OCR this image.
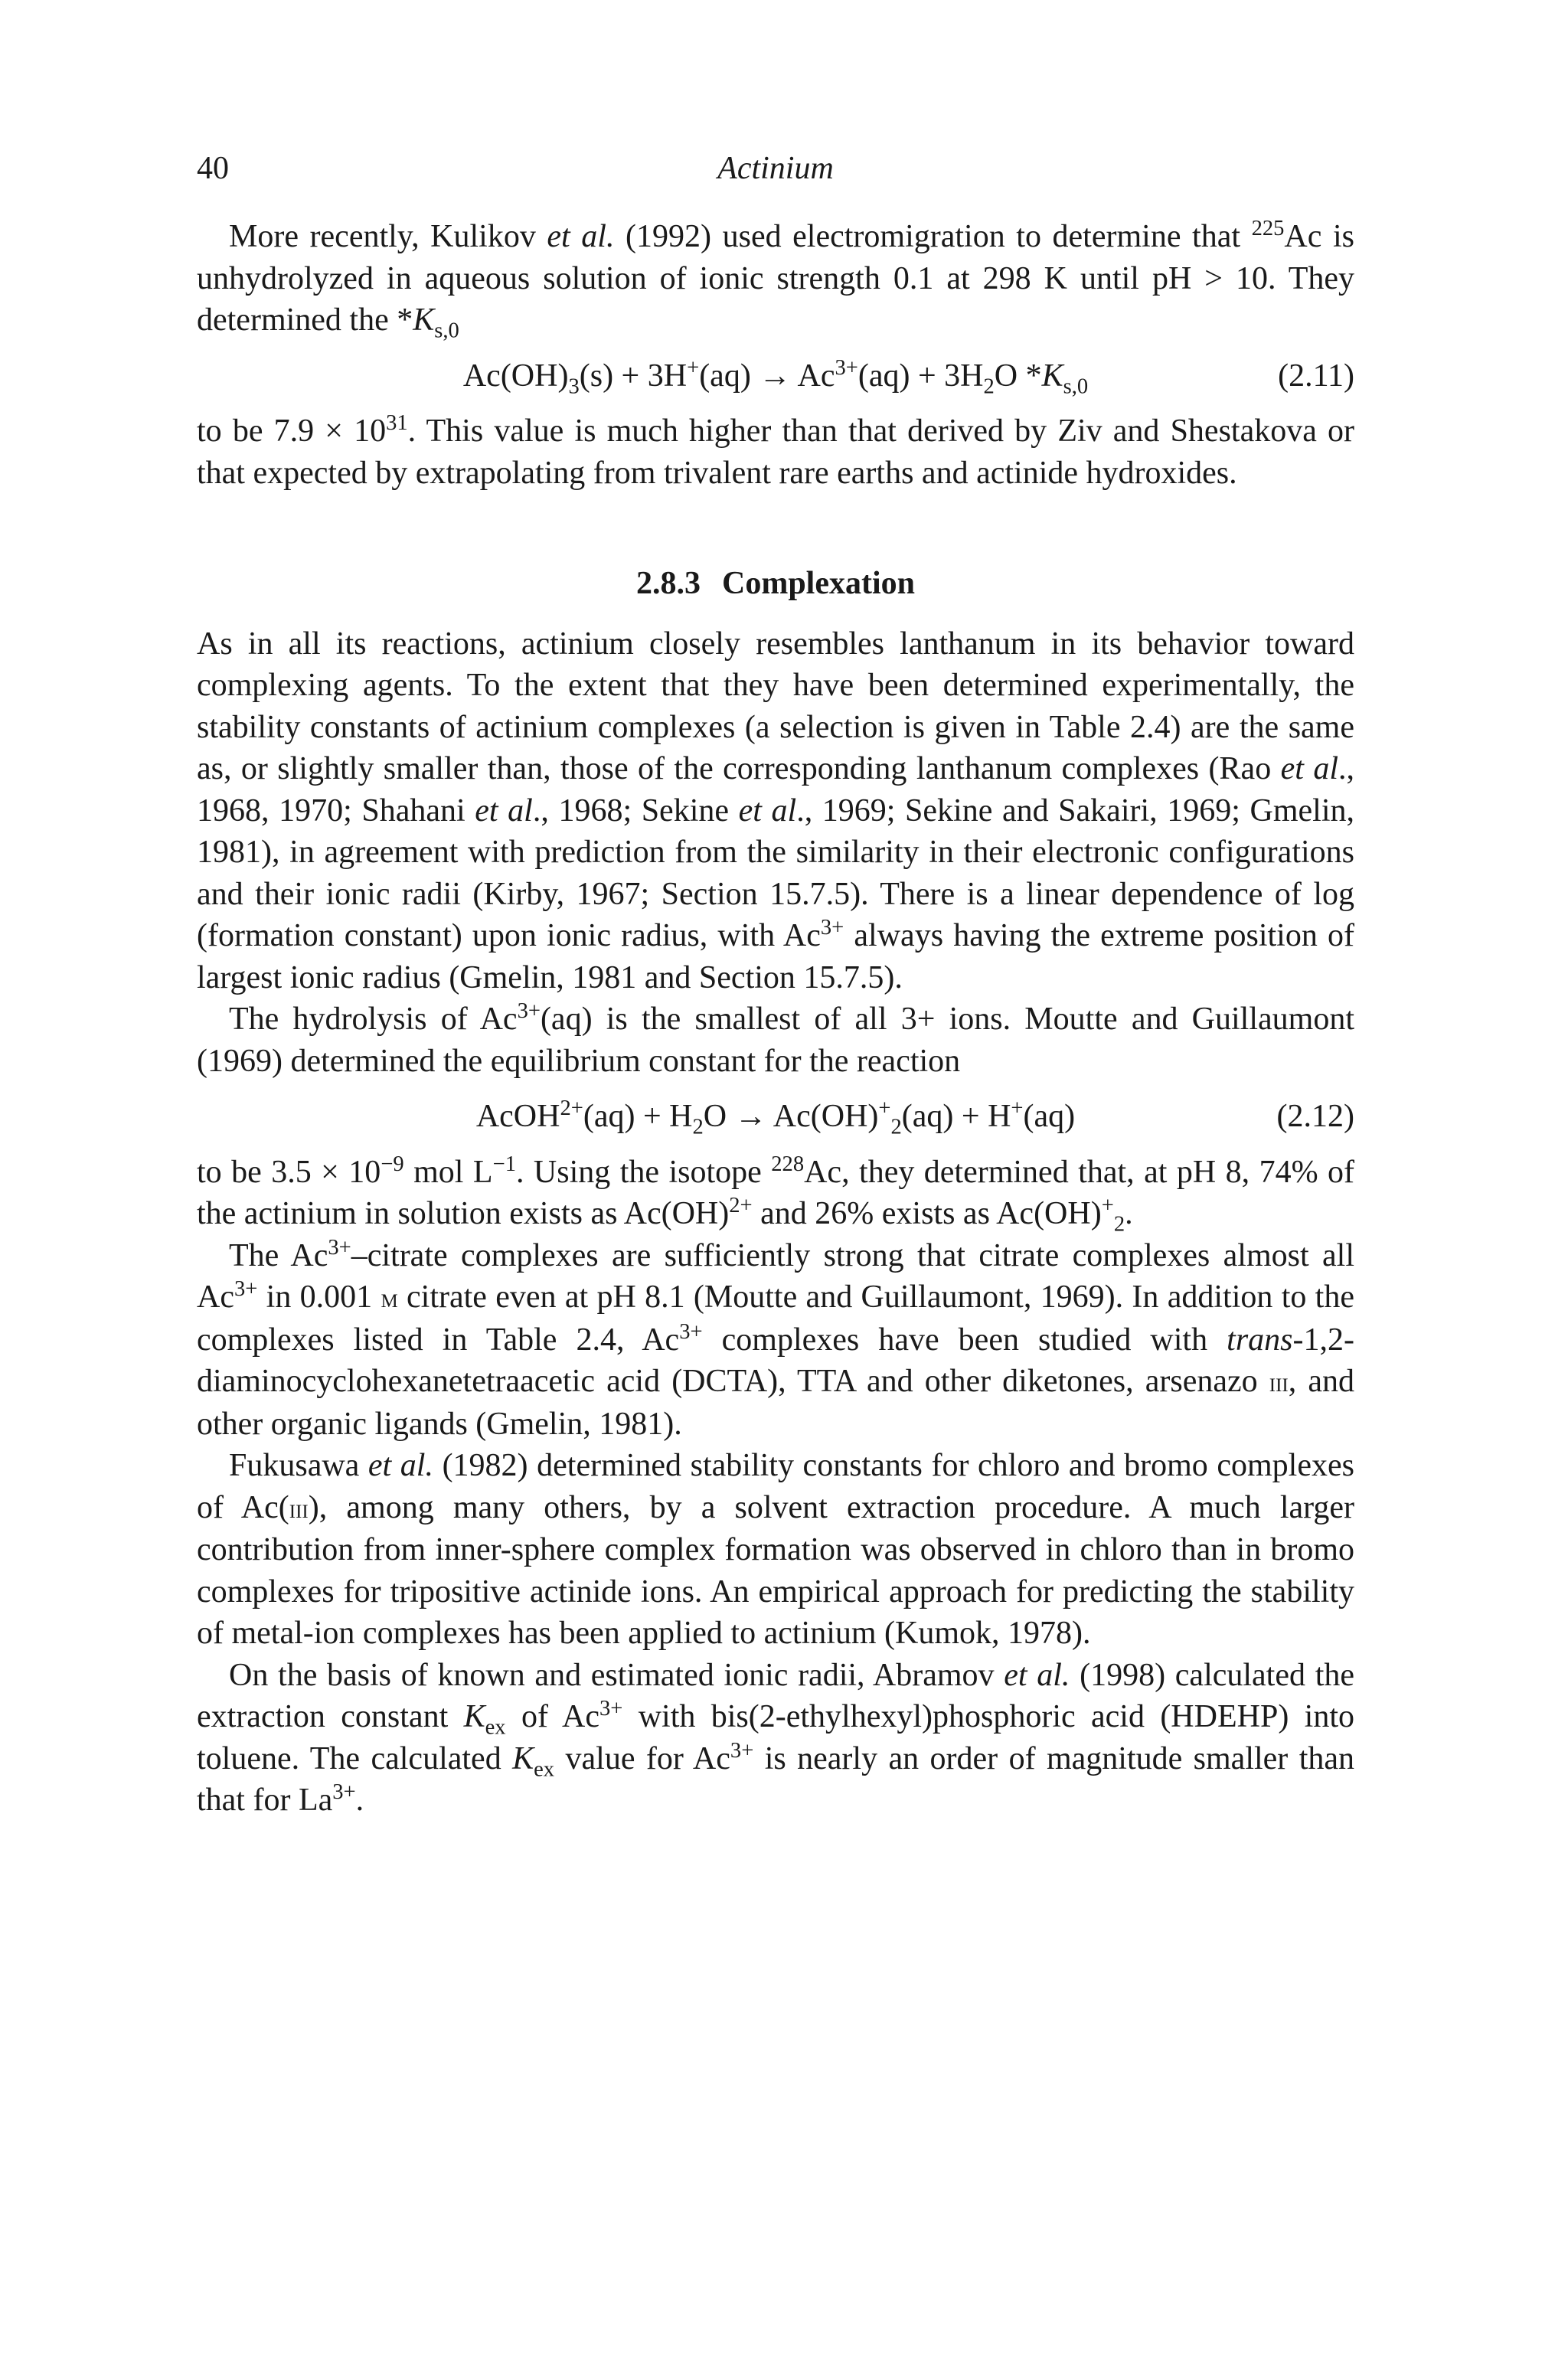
40	Actinium

More recently, Kulikov et al. (1992) used electromigration to determine that $^{225}$Ac is unhydrolyzed in aqueous solution of ionic strength 0.1 at 298 K until pH > 10. They determined the $*K_{s,0}$

$Ac(OH)_3(s) + 3H^+(aq) \to Ac^{3+}(aq) + 3H_2O$ $*K_{s,0}$	(2.11)

to be $7.9 \times 10^{31}$. This value is much higher than that derived by Ziv and Shestakova or that expected by extrapolating from trivalent rare earths and actinide hydroxides.

2.8.3 Complexation

As in all its reactions, actinium closely resembles lanthanum in its behavior toward complexing agents. To the extent that they have been determined experimentally, the stability constants of actinium complexes (a selection is given in Table 2.4) are the same as, or slightly smaller than, those of the corresponding lanthanum complexes (Rao et al., 1968, 1970; Shahani et al., 1968; Sekine et al., 1969; Sekine and Sakairi, 1969; Gmelin, 1981), in agreement with prediction from the similarity in their electronic configurations and their ionic radii (Kirby, 1967; Section 15.7.5). There is a linear dependence of log (formation constant) upon ionic radius, with $Ac^{3+}$ always having the extreme position of largest ionic radius (Gmelin, 1981 and Section 15.7.5).

The hydrolysis of $Ac^{3+}(aq)$ is the smallest of all 3+ ions. Moutte and Guillaumont (1969) determined the equilibrium constant for the reaction

AcOH$^{2+}$(aq) + $H_2O \to Ac(OH)^+_2(aq) + H^+(aq)$	(2.12)

to be $3.5 \times 10^{-9}$ mol $L^{-1}$. Using the isotope $^{228}$Ac, they determined that, at pH 8, 74% of the actinium in solution exists as Ac(OH)$^{2+}$ and 26% exists as $Ac(OH)^+_2$.

The $Ac^{3+}$–citrate complexes are sufficiently strong that citrate complexes almost all $Ac^{3+}$ in 0.001 m citrate even at pH 8.1 (Moutte and Guillaumont, 1969). In addition to the complexes listed in Table 2.4, $Ac^{3+}$ complexes have been studied with trans-1,2-diaminocyclohexanetetraacetic acid (DCTA), TTA and other diketones, arsenazo iii, and other organic ligands (Gmelin, 1981).

Fukusawa et al. (1982) determined stability constants for chloro and bromo complexes of Ac(iii), among many others, by a solvent extraction procedure. A much larger contribution from inner-sphere complex formation was observed in chloro than in bromo complexes for tripositive actinide ions. An empirical approach for predicting the stability of metal-ion complexes has been applied to actinium (Kumok, 1978).

On the basis of known and estimated ionic radii, Abramov et al. (1998) calculated the extraction constant $K_{ex}$ of $Ac^{3+}$ with bis(2-ethylhexyl)phosphoric acid (HDEHP) into toluene. The calculated $K_{ex}$ value for $Ac^{3+}$ is nearly an order of magnitude smaller than that for $La^{3+}$.
